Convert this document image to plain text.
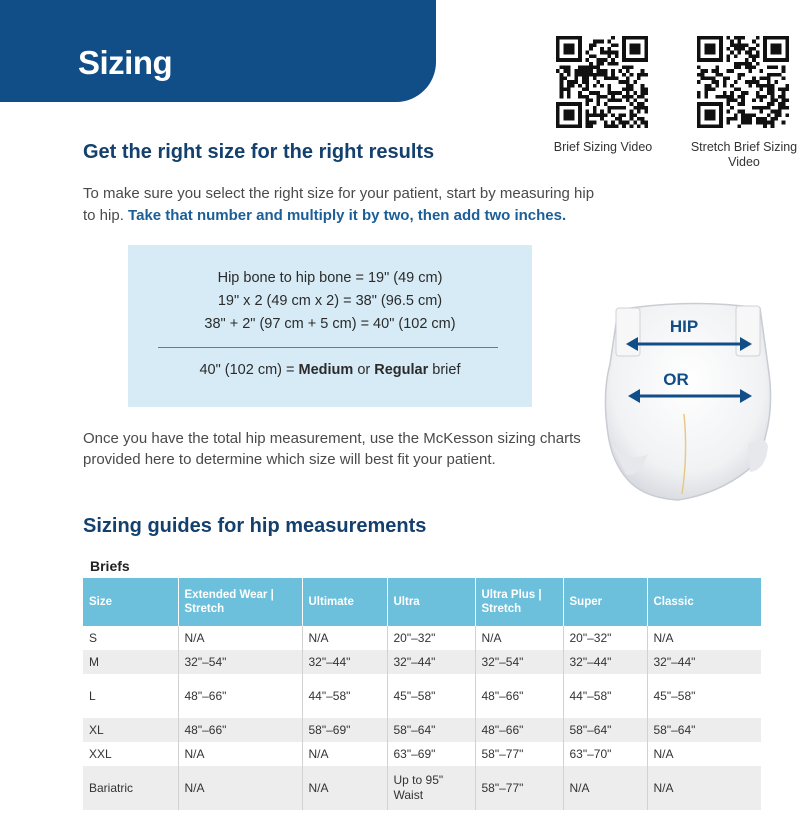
Sizing
Brief Sizing Video	Stretch Brief Sizing Video
Get the right size for the right results
To make sure you select the right size for your patient, start by measuring hip to hip. Take that number and multiply it by two, then add two inches.
Hip bone to hip bone = 19" (49 cm)
19" x 2 (49 cm x 2) = 38" (96.5 cm)
38" + 2" (97 cm + 5 cm) = 40" (102 cm)
40" (102 cm) = Medium or Regular brief
Once you have the total hip measurement, use the McKesson sizing charts provided here to determine which size will best fit your patient.
HIP
OR
Sizing guides for hip measurements
Briefs
Size	Extended Wear | Stretch	Ultimate	Ultra	Ultra Plus | Stretch	Super	Classic
S	N/A	N/A	20"–32"	N/A	20"–32"	N/A
M	32"–54"	32"–44"	32"–44"	32"–54"	32"–44"	32"–44"
L	48"–66"	44"–58"	45"–58"	48"–66"	44"–58"	45"–58"
XL	48"–66"	58"–69"	58"–64"	48"–66"	58"–64"	58"–64"
XXL	N/A	N/A	63"–69"	58"–77"	63"–70"	N/A
Bariatric	N/A	N/A	Up to 95" Waist	58"–77"	N/A	N/A
